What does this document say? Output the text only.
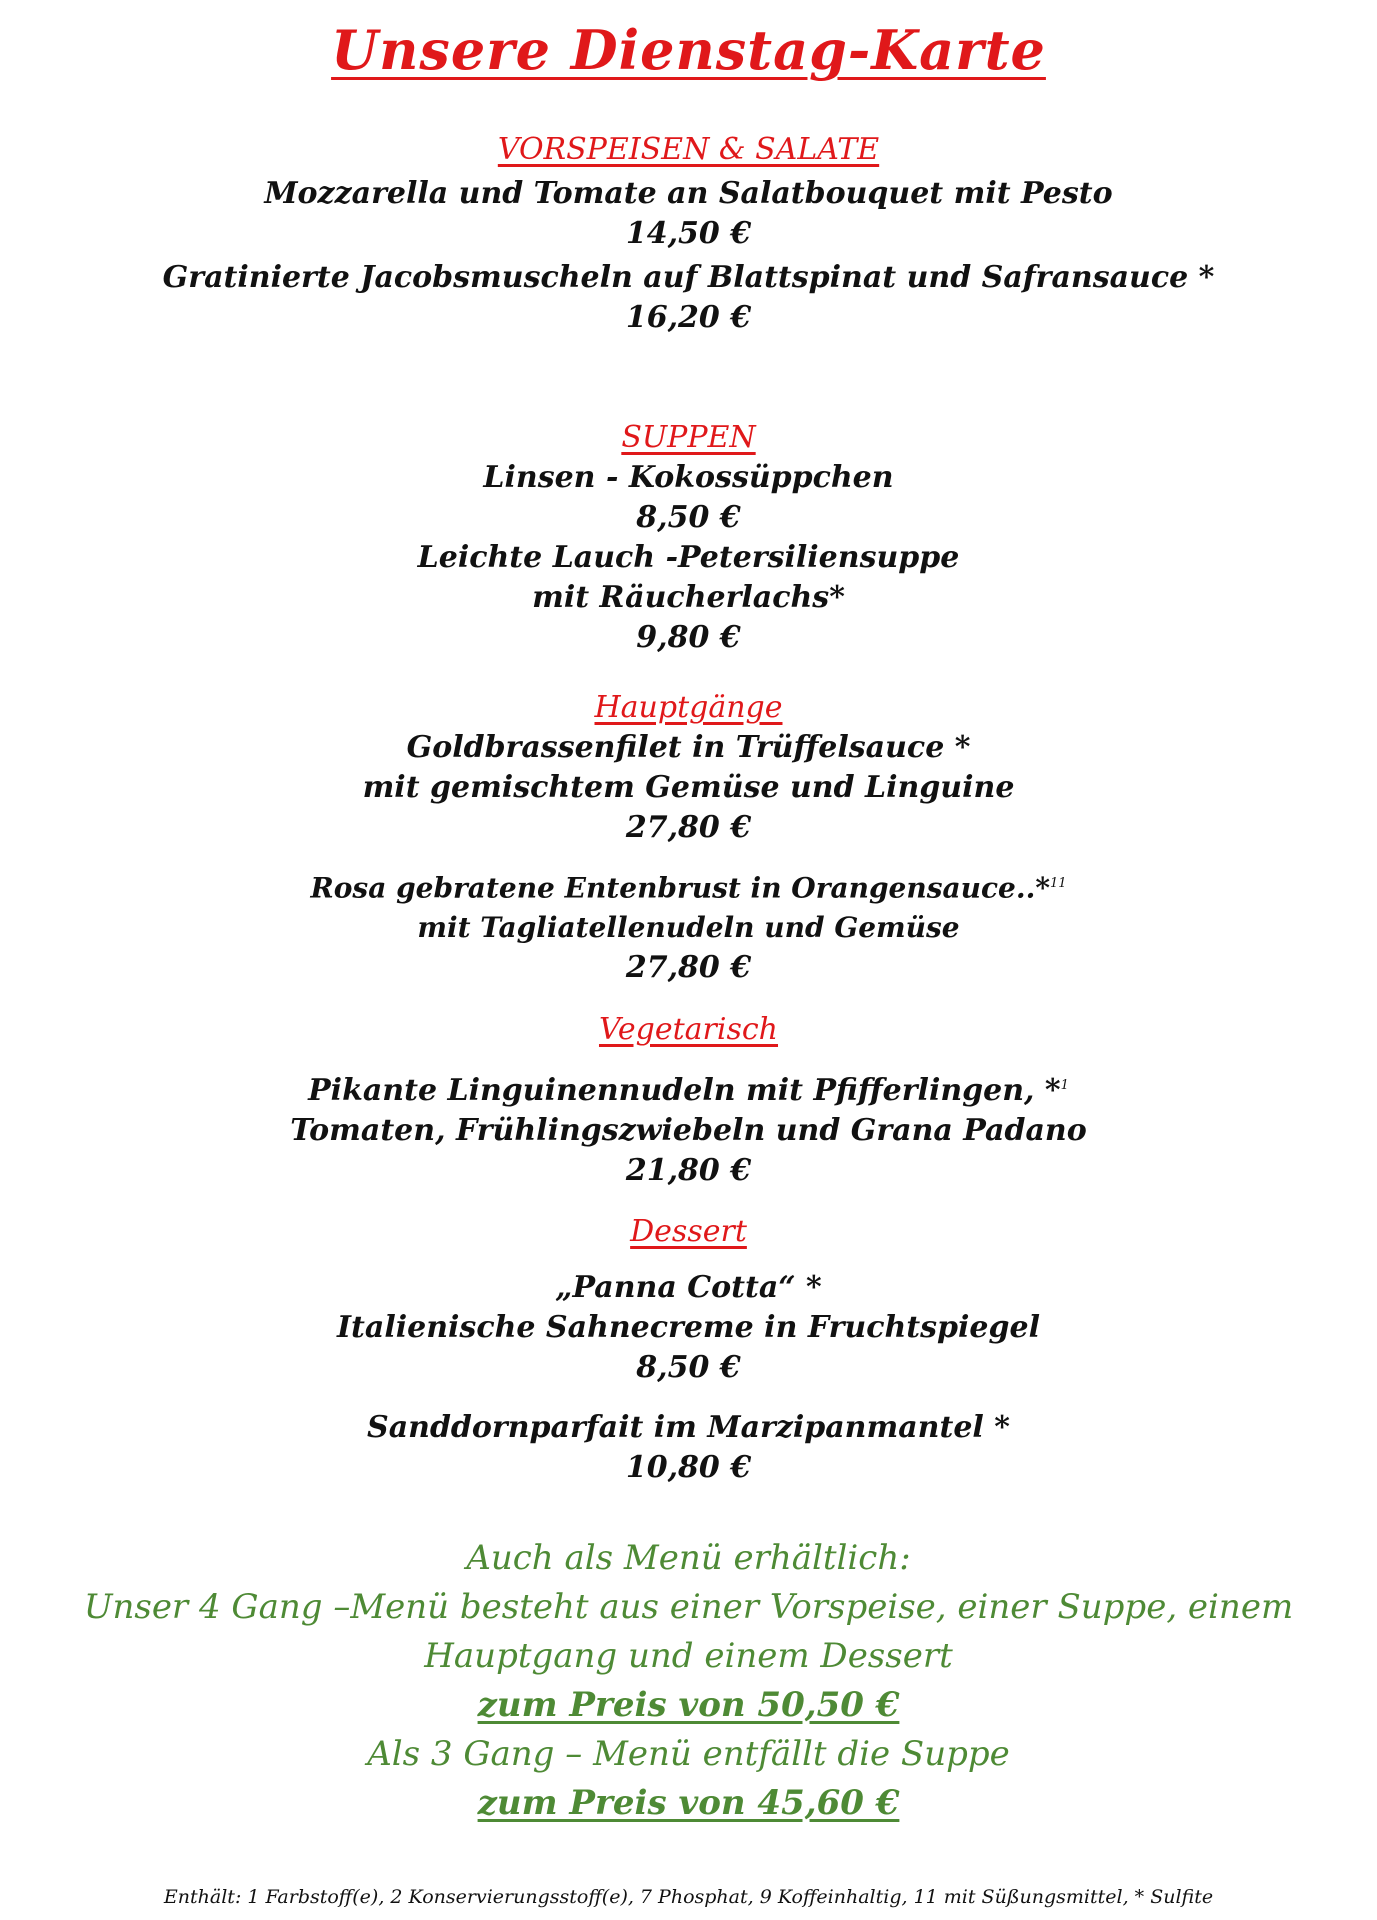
Unsere Dienstag-Karte
VORSPEISEN & SALATE
Mozzarella und Tomate an Salatbouquet mit Pesto
14,50 €
Gratinierte Jacobsmuscheln auf Blattspinat und Safransauce *
16,20 €
SUPPEN
Linsen - Kokossüppchen
8,50 €
Leichte Lauch -Petersiliensuppe
mit Räucherlachs*
9,80 €
Hauptgänge
Goldbrassenfilet in Trüffelsauce *
mit gemischtem Gemüse und Linguine
27,80 €
Rosa gebratene Entenbrust in Orangensauce..*$^{11}$
mit Tagliatellenudeln und Gemüse
27,80 €
Vegetarisch
Pikante Linguinennudeln mit Pfifferlingen, *$^1$
Tomaten, Frühlingszwiebeln und Grana Padano
21,80 €
Dessert
„Panna Cotta“ *
Italienische Sahnecreme in Fruchtspiegel
8,50 €
Sanddornparfait im Marzipanmantel *
10,80 €
Auch als Menü erhältlich:
Unser 4 Gang –Menü besteht aus einer Vorspeise, einer Suppe, einem
Hauptgang und einem Dessert
zum Preis von 50,50 €
Als 3 Gang – Menü entfällt die Suppe
zum Preis von 45,60 €
Enthält: 1 Farbstoff(e), 2 Konservierungsstoff(e), 7 Phosphat, 9 Koffeinhaltig, 11 mit Süßungsmittel, * Sulfite
